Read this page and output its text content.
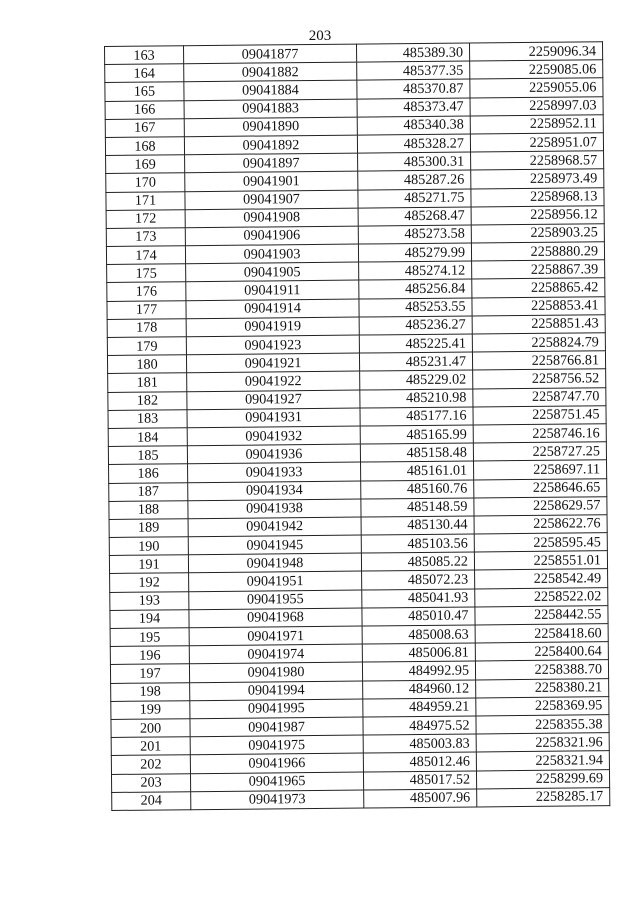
203
163	09041877	485389.30	2259096.34
164	09041882	485377.35	2259085.06
165	09041884	485370.87	2259055.06
166	09041883	485373.47	2258997.03
167	09041890	485340.38	2258952.11
168	09041892	485328.27	2258951.07
169	09041897	485300.31	2258968.57
170	09041901	485287.26	2258973.49
171	09041907	485271.75	2258968.13
172	09041908	485268.47	2258956.12
173	09041906	485273.58	2258903.25
174	09041903	485279.99	2258880.29
175	09041905	485274.12	2258867.39
176	09041911	485256.84	2258865.42
177	09041914	485253.55	2258853.41
178	09041919	485236.27	2258851.43
179	09041923	485225.41	2258824.79
180	09041921	485231.47	2258766.81
181	09041922	485229.02	2258756.52
182	09041927	485210.98	2258747.70
183	09041931	485177.16	2258751.45
184	09041932	485165.99	2258746.16
185	09041936	485158.48	2258727.25
186	09041933	485161.01	2258697.11
187	09041934	485160.76	2258646.65
188	09041938	485148.59	2258629.57
189	09041942	485130.44	2258622.76
190	09041945	485103.56	2258595.45
191	09041948	485085.22	2258551.01
192	09041951	485072.23	2258542.49
193	09041955	485041.93	2258522.02
194	09041968	485010.47	2258442.55
195	09041971	485008.63	2258418.60
196	09041974	485006.81	2258400.64
197	09041980	484992.95	2258388.70
198	09041994	484960.12	2258380.21
199	09041995	484959.21	2258369.95
200	09041987	484975.52	2258355.38
201	09041975	485003.83	2258321.96
202	09041966	485012.46	2258321.94
203	09041965	485017.52	2258299.69
204	09041973	485007.96	2258285.17
